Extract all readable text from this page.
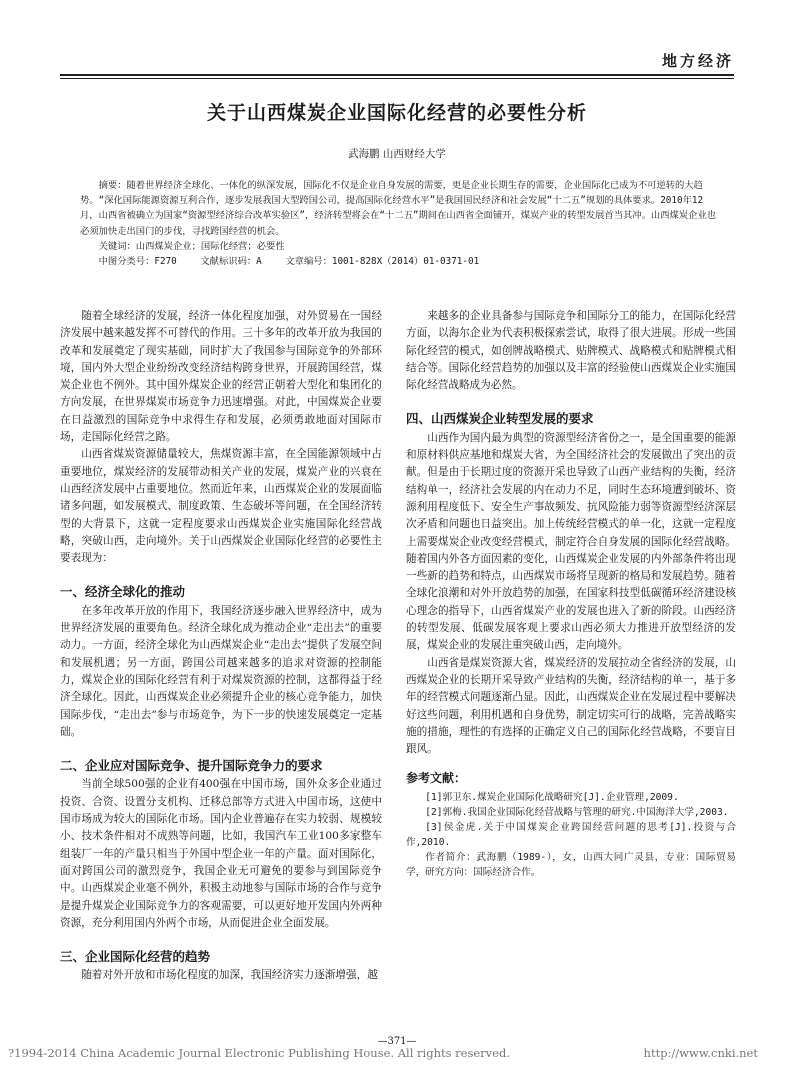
地方经济
关于山西煤炭企业国际化经营的必要性分析
武海鹏 山西财经大学

摘要：随着世界经济全球化、一体化的纵深发展，国际化不仅是企业自身发展的需要，更是企业长期生存的需要，企业国际化已成为不可逆转的大趋势。“深化国际能源资源互利合作，逐步发展我国大型跨国公司，提高国际化经营水平”是我国国民经济和社会发展“十二五”规划的具体要求。2010年12月，山西省被确立为国家“资源型经济综合改革实验区”，经济转型将会在“十二五”期间在山西省全面铺开，煤炭产业的转型发展首当其冲。山西煤炭企业也必须加快走出国门的步伐，寻找跨国经营的机会。

关键词：山西煤炭企业；国际化经营；必要性

中图分类号：F270	文献标识码：A	文章编号：1001-828X（2014）01-0371-01

随着全球经济的发展，经济一体化程度加强，对外贸易在一国经济发展中越来越发挥不可替代的作用。三十多年的改革开放为我国的改革和发展奠定了现实基础，同时扩大了我国参与国际竞争的外部环境，国内外大型企业纷纷改变经济结构跨身世界，开展跨国经营，煤炭企业也不例外。其中国外煤炭企业的经营正朝着大型化和集团化的方向发展，在世界煤炭市场竞争力迅速增强。对此，中国煤炭企业要在日益激烈的国际竞争中求得生存和发展，必须勇敢地面对国际市场，走国际化经营之路。

山西省煤炭资源储量较大，焦煤资源丰富，在全国能源领域中占重要地位，煤炭经济的发展带动相关产业的发展，煤炭产业的兴衰在山西经济发展中占重要地位。然而近年来，山西煤炭企业的发展面临诸多问题，如发展模式、制度政策、生态破坏等问题，在全国经济转型的大背景下，这就一定程度要求山西煤炭企业实施国际化经营战略，突破山西，走向境外。关于山西煤炭企业国际化经营的必要性主要表现为：

一、经济全球化的推动

在多年改革开放的作用下，我国经济逐步融入世界经济中，成为世界经济发展的重要角色。经济全球化成为推动企业“走出去”的重要动力。一方面，经济全球化为山西煤炭企业“走出去”提供了发展空间和发展机遇；另一方面，跨国公司越来越多的追求对资源的控制能力，煤炭企业的国际化经营有利于对煤炭资源的控制，这都得益于经济全球化。因此，山西煤炭企业必须提升企业的核心竞争能力，加快国际步伐，“走出去”参与市场竞争，为下一步的快速发展奠定一定基础。

二、企业应对国际竞争、提升国际竞争力的要求

当前全球500强的企业有400强在中国市场，国外众多企业通过投资、合资、设置分支机构、迁移总部等方式进入中国市场，这使中国市场成为较大的国际化市场。国内企业普遍存在实力较弱、规模较小、技术条件相对不成熟等问题，比如，我国汽车工业100多家整车组装厂一年的产量只相当于外国中型企业一年的产量。面对国际化，面对跨国公司的激烈竞争，我国企业无可避免的要参与到国际竞争中。山西煤炭企业毫不例外，积极主动地参与国际市场的合作与竞争是提升煤炭企业国际竞争力的客观需要，可以更好地开发国内外两种资源，充分利用国内外两个市场，从而促进企业全面发展。

三、企业国际化经营的趋势

随着对外开放和市场化程度的加深，我国经济实力逐渐增强，越

来越多的企业具备参与国际竞争和国际分工的能力，在国际化经营方面，以海尔企业为代表积极探索尝试，取得了很大进展。形成一些国际化经营的模式，如创牌战略模式、贴牌模式、战略模式和贴牌模式相结合等。国际化经营趋势的加强以及丰富的经验使山西煤炭企业实施国际化经营战略成为必然。

四、山西煤炭企业转型发展的要求

山西作为国内最为典型的资源型经济省份之一，是全国重要的能源和原材料供应基地和煤炭大省，为全国经济社会的发展做出了突出的贡献。但是由于长期过度的资源开采也导致了山西产业结构的失衡，经济结构单一，经济社会发展的内在动力不足，同时生态环境遭到破坏、资源利用程度低下、安全生产事故频发、抗风险能力弱等资源型经济深层次矛盾和问题也日益突出。加上传统经营模式的单一化，这就一定程度上需要煤炭企业改变经营模式，制定符合自身发展的国际化经营战略。随着国内外各方面因素的变化，山西煤炭企业发展的内外部条件将出现一些新的趋势和特点，山西煤炭市场将呈现新的格局和发展趋势。随着全球化浪潮和对外开放趋势的加强，在国家科技型低碳循环经济建设核心理念的指导下，山西省煤炭产业的发展也进入了新的阶段。山西经济的转型发展、低碳发展客观上要求山西必须大力推进开放型经济的发展，煤炭企业的发展注重突破山西，走向境外。

山西省是煤炭资源大省，煤炭经济的发展拉动全省经济的发展，山西煤炭企业的长期开采导致产业结构的失衡，经济结构的单一，基于多年的经营模式问题逐渐凸显。因此，山西煤炭企业在发展过程中要解决好这些问题，利用机遇和自身优势，制定切实可行的战略，完善战略实施的措施，理性的有选择的正确定义自己的国际化经营战略，不要盲目跟风。

参考文献：

[1]郭卫东.煤炭企业国际化战略研究[J].企业管理,2009.

[2]郭梅.我国企业国际化经营战略与管理的研究.中国海洋大学,2003.

[3]侯金虎.关于中国煤炭企业跨国经营问题的思考[J].投资与合作,2010.

作者简介：武海鹏（1989-），女，山西大同广灵县，专业：国际贸易学，研究方向：国际经济合作。

—371—
?1994-2014 China Academic Journal Electronic Publishing House. All rights reserved.	http://www.cnki.net
